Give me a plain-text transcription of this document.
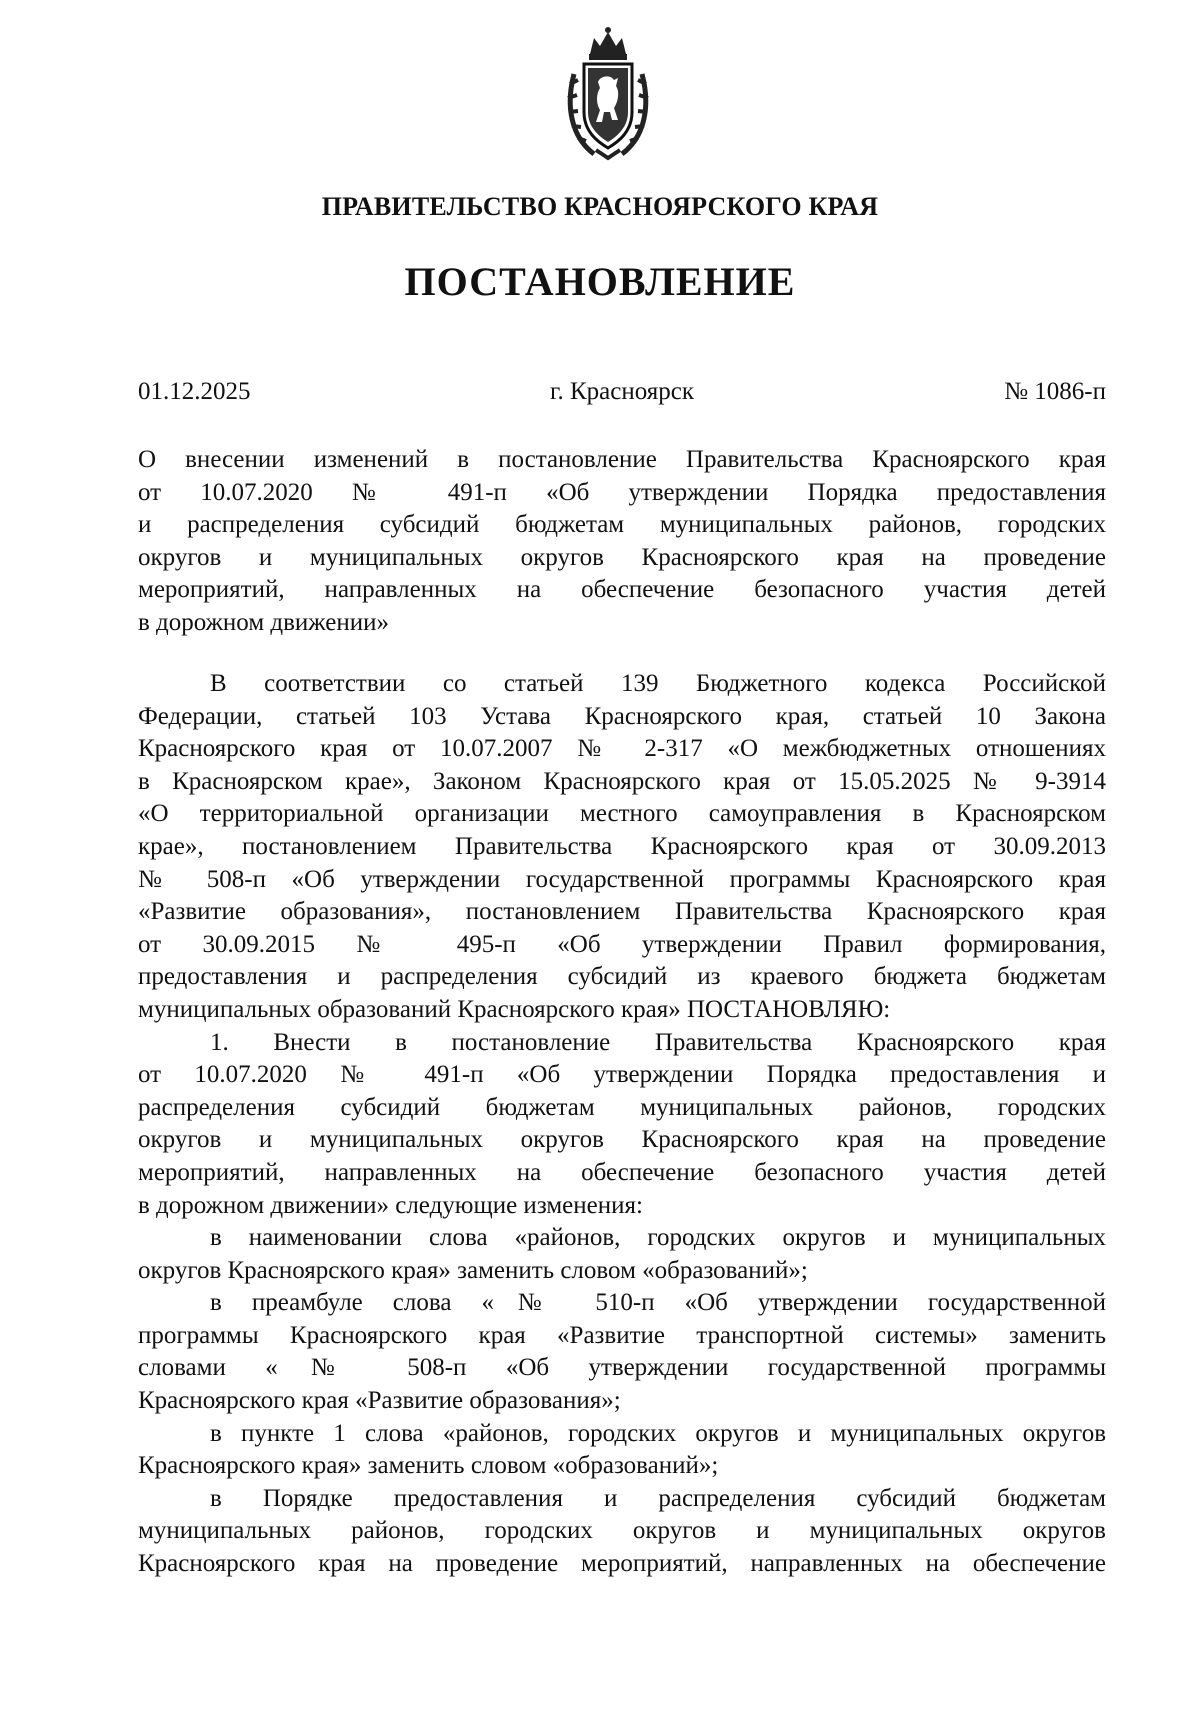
ПРАВИТЕЛЬСТВО КРАСНОЯРСКОГО КРАЯ
ПОСТАНОВЛЕНИЕ
01.12.2025	г. Красноярск	№ 1086-п
О внесении изменений в постановление Правительства Красноярского края
от 10.07.2020 № 491-п «Об утверждении Порядка предоставления
и распределения субсидий бюджетам муниципальных районов, городских
округов и муниципальных округов Красноярского края на проведение
мероприятий, направленных на обеспечение безопасного участия детей
в дорожном движении»
В соответствии со статьей 139 Бюджетного кодекса Российской
Федерации, статьей 103 Устава Красноярского края, статьей 10 Закона
Красноярского края от 10.07.2007 № 2-317 «О межбюджетных отношениях
в Красноярском крае», Законом Красноярского края от 15.05.2025 № 9-3914
«О территориальной организации местного самоуправления в Красноярском
крае», постановлением Правительства Красноярского края от 30.09.2013
№ 508-п «Об утверждении государственной программы Красноярского края
«Развитие образования», постановлением Правительства Красноярского края
от 30.09.2015 № 495-п «Об утверждении Правил формирования,
предоставления и распределения субсидий из краевого бюджета бюджетам
муниципальных образований Красноярского края» ПОСТАНОВЛЯЮ:
1. Внести в постановление Правительства Красноярского края
от 10.07.2020 № 491-п «Об утверждении Порядка предоставления и
распределения субсидий бюджетам муниципальных районов, городских
округов и муниципальных округов Красноярского края на проведение
мероприятий, направленных на обеспечение безопасного участия детей
в дорожном движении» следующие изменения:
в наименовании слова «районов, городских округов и муниципальных
округов Красноярского края» заменить словом «образований»;
в преамбуле слова «№ 510-п «Об утверждении государственной
программы Красноярского края «Развитие транспортной системы» заменить
словами «№ 508-п «Об утверждении государственной программы
Красноярского края «Развитие образования»;
в пункте 1 слова «районов, городских округов и муниципальных округов
Красноярского края» заменить словом «образований»;
в Порядке предоставления и распределения субсидий бюджетам
муниципальных районов, городских округов и муниципальных округов
Красноярского края на проведение мероприятий, направленных на обеспечение
